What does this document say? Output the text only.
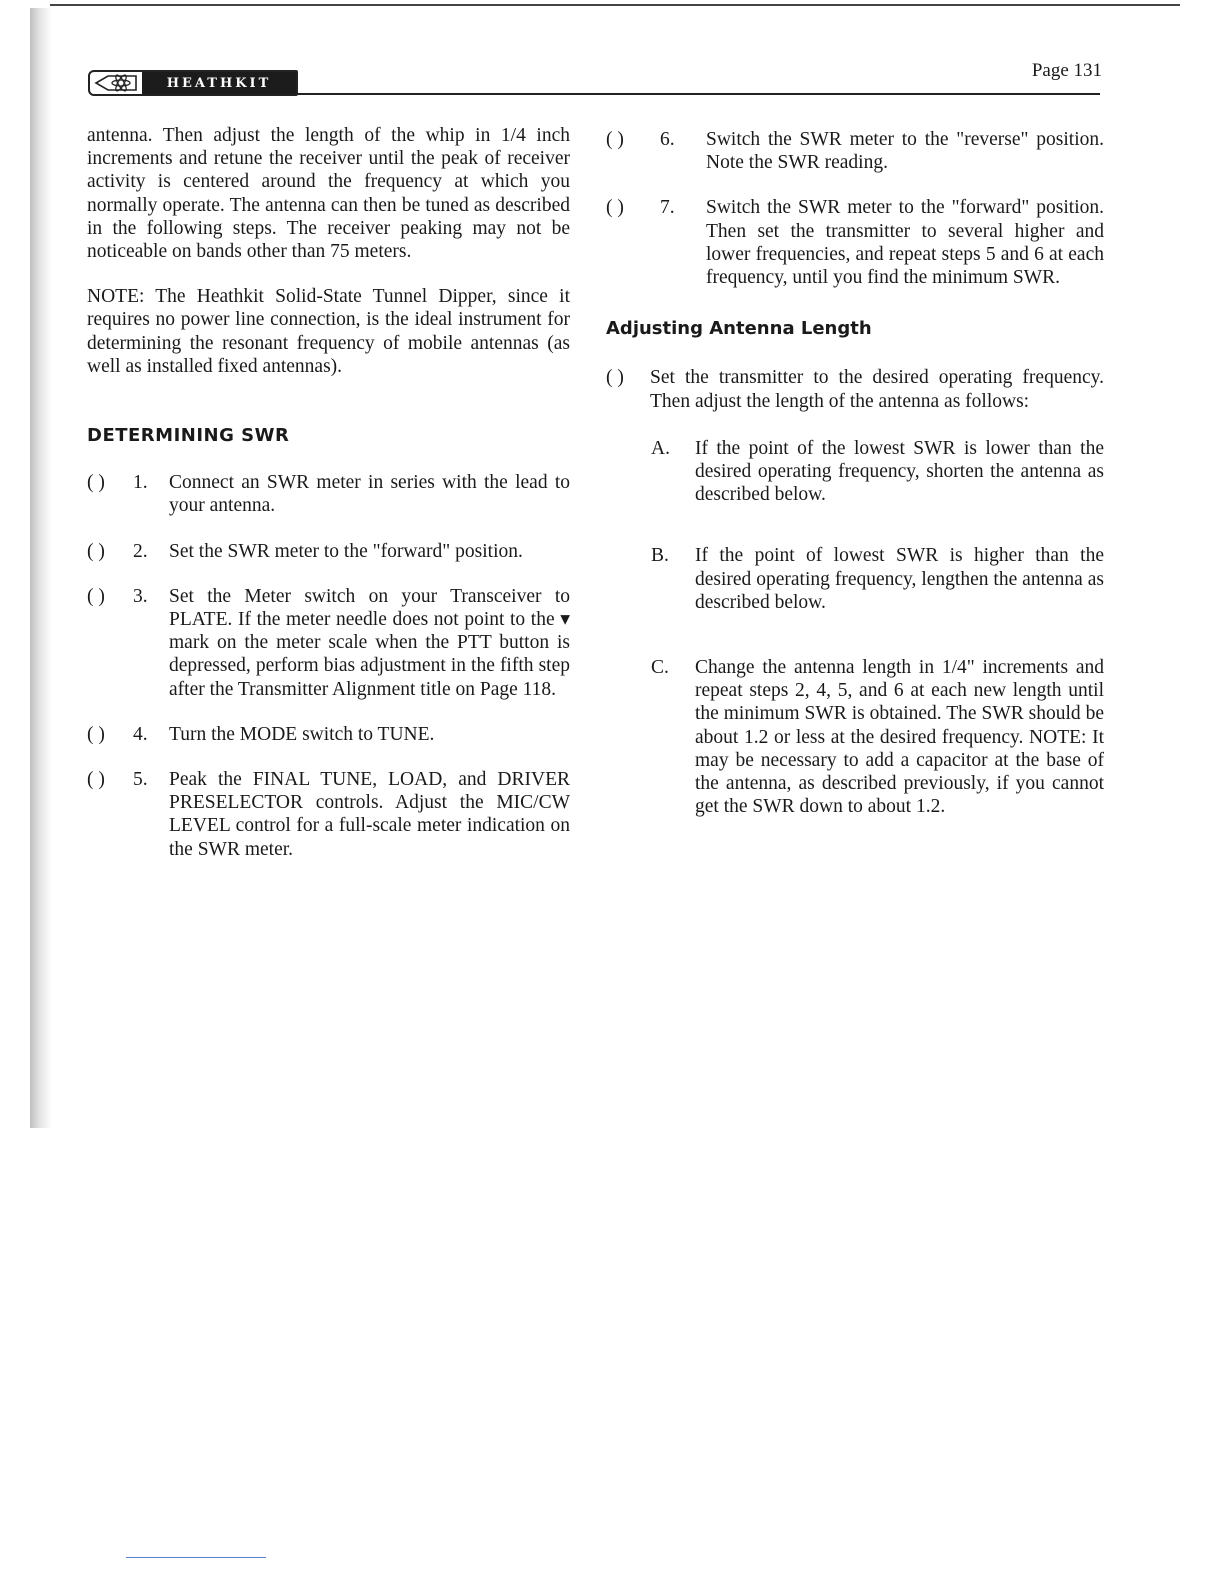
HEATHKIT
Page 131

antenna. Then adjust the length of the whip in 1/4 inch increments and retune the receiver until the peak of receiver activity is centered around the frequency at which you normally operate. The antenna can then be tuned as described in the following steps. The receiver peaking may not be noticeable on bands other than 75 meters.

NOTE: The Heathkit Solid-State Tunnel Dipper, since it requires no power line connection, is the ideal instrument for determining the resonant frequency of mobile antennas (as well as installed fixed antennas).

DETERMINING SWR
( )	1.	Connect an SWR meter in series with the lead to your antenna.
( )	2.	Set the SWR meter to the "forward" position.
( )	3.	Set the Meter switch on your Transceiver to PLATE. If the meter needle does not point to the ▾ mark on the meter scale when the PTT button is depressed, perform bias adjustment in the fifth step after the Transmitter Alignment title on Page 118.
( )	4.	Turn the MODE switch to TUNE.
( )	5.	Peak the FINAL TUNE, LOAD, and DRIVER PRESELECTOR controls. Adjust the MIC/CW LEVEL control for a full-scale meter indication on the SWR meter.
( )	6.	Switch the SWR meter to the "reverse" position. Note the SWR reading.
( )	7.	Switch the SWR meter to the "forward" position. Then set the transmitter to several higher and lower frequencies, and repeat steps 5 and 6 at each frequency, until you find the minimum SWR.
Adjusting Antenna Length
( )	Set the transmitter to the desired operating frequency. Then adjust the length of the antenna as follows:
A.	If the point of the lowest SWR is lower than the desired operating frequency, shorten the antenna as described below.
B.	If the point of lowest SWR is higher than the desired operating frequency, lengthen the antenna as described below.
C.	Change the antenna length in 1/4" increments and repeat steps 2, 4, 5, and 6 at each new length until the minimum SWR is obtained. The SWR should be about 1.2 or less at the desired frequency. NOTE: It may be necessary to add a capacitor at the base of the antenna, as described previously, if you cannot get the SWR down to about 1.2.
